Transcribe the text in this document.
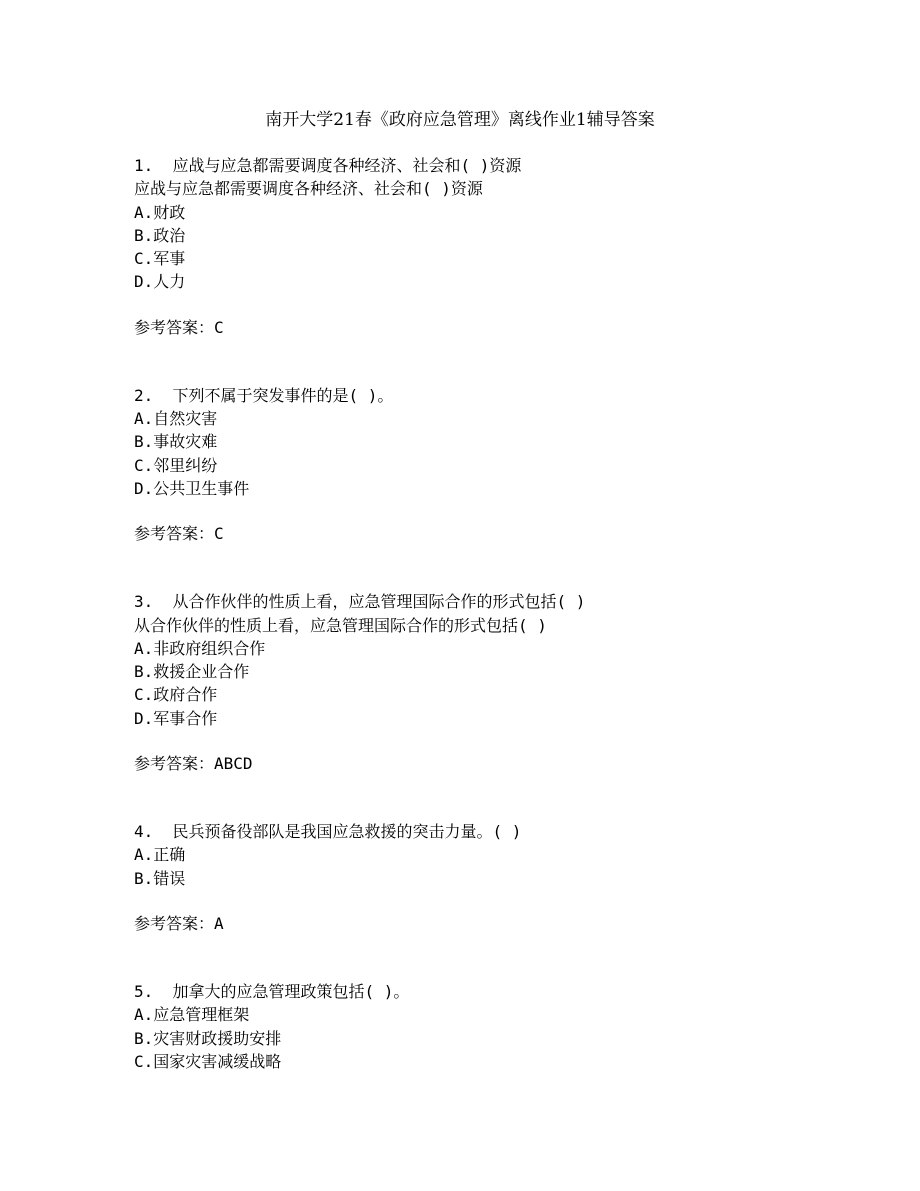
南开大学21春《政府应急管理》离线作业1辅导答案
1. 应战与应急都需要调度各种经济、社会和( )资源
应战与应急都需要调度各种经济、社会和( )资源
A.财政
B.政治
C.军事
D.人力
参考答案：C
2. 下列不属于突发事件的是( )。
A.自然灾害
B.事故灾难
C.邻里纠纷
D.公共卫生事件
参考答案：C
3. 从合作伙伴的性质上看，应急管理国际合作的形式包括( )
从合作伙伴的性质上看，应急管理国际合作的形式包括( )
A.非政府组织合作
B.救援企业合作
C.政府合作
D.军事合作
参考答案：ABCD
4. 民兵预备役部队是我国应急救援的突击力量。( )
A.正确
B.错误
参考答案：A
5. 加拿大的应急管理政策包括( )。
A.应急管理框架
B.灾害财政援助安排
C.国家灾害减缓战略
